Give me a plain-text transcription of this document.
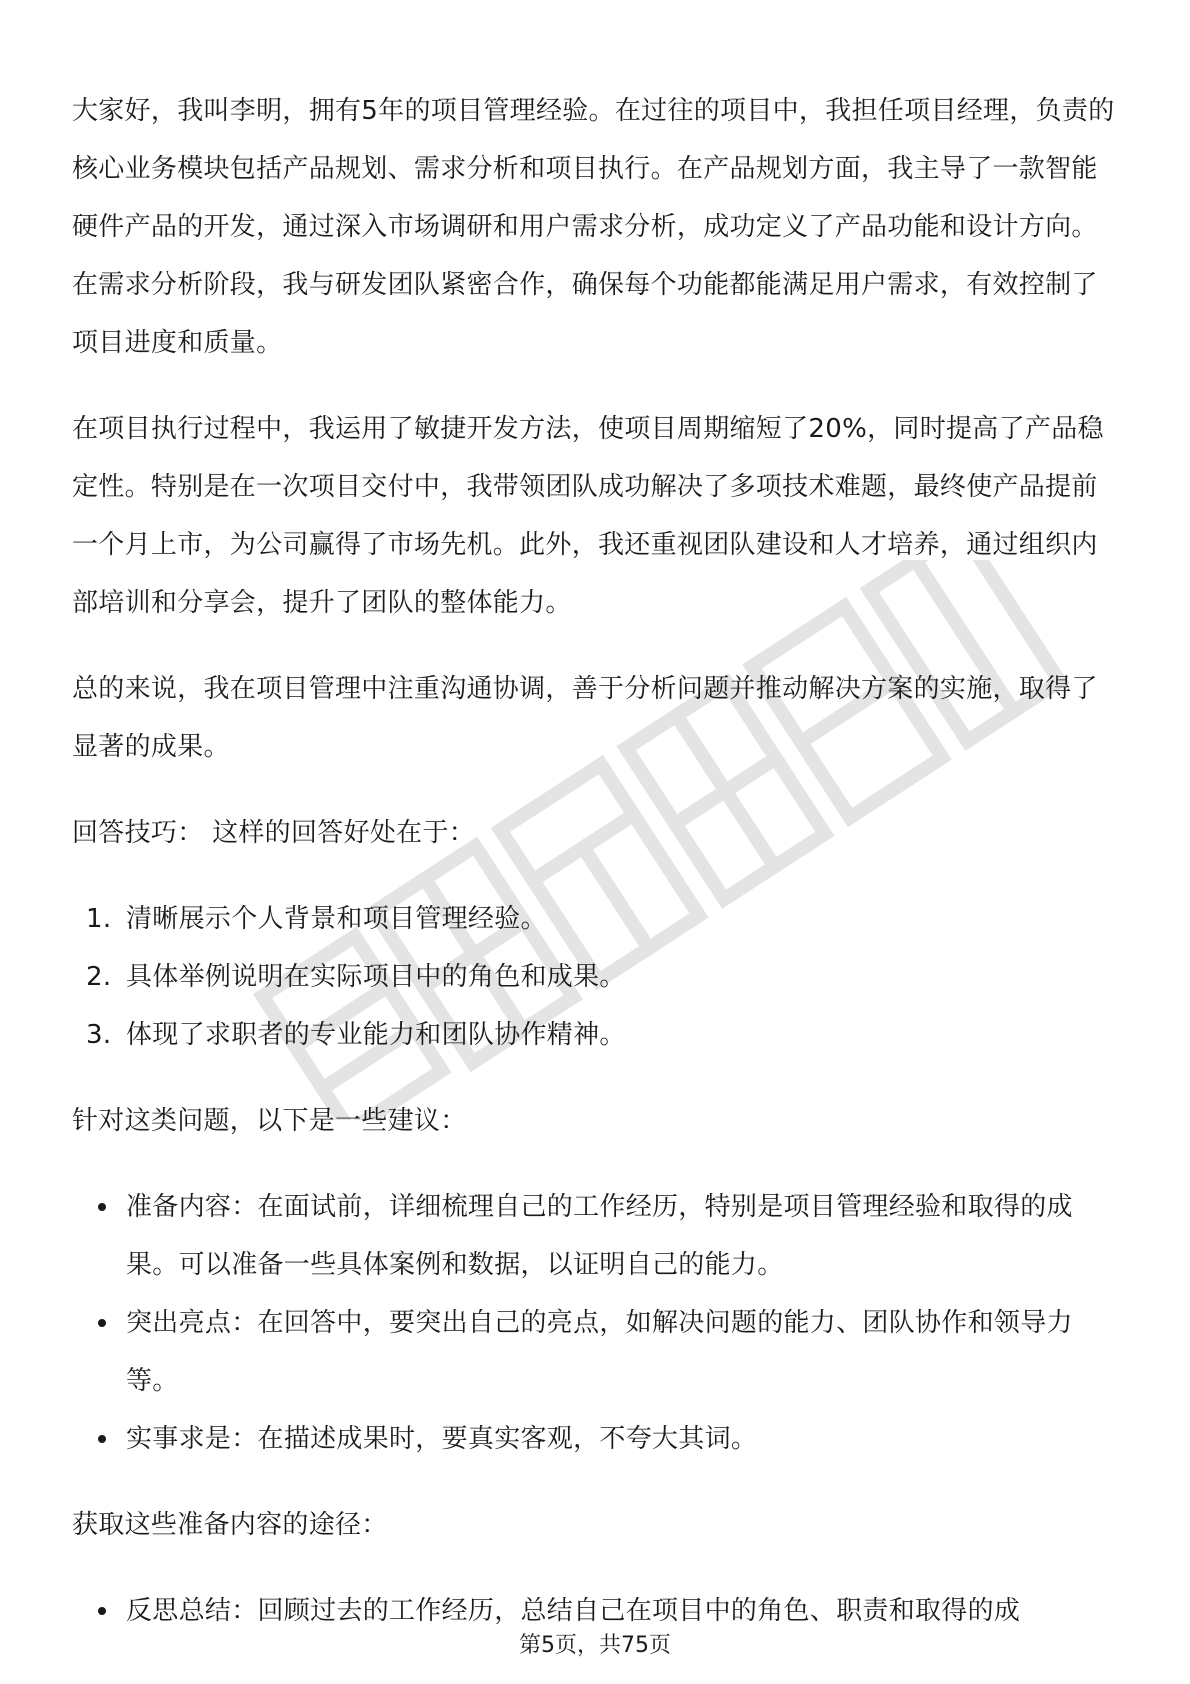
大家好，我叫李明，拥有5年的项目管理经验。在过往的项目中，我担任项目经理，负责的核心业务模块包括产品规划、需求分析和项目执行。在产品规划方面，我主导了一款智能硬件产品的开发，通过深入市场调研和用户需求分析，成功定义了产品功能和设计方向。在需求分析阶段，我与研发团队紧密合作，确保每个功能都能满足用户需求，有效控制了项目进度和质量。

在项目执行过程中，我运用了敏捷开发方法，使项目周期缩短了20%，同时提高了产品稳定性。特别是在一次项目交付中，我带领团队成功解决了多项技术难题，最终使产品提前一个月上市，为公司赢得了市场先机。此外，我还重视团队建设和人才培养，通过组织内部培训和分享会，提升了团队的整体能力。

总的来说，我在项目管理中注重沟通协调，善于分析问题并推动解决方案的实施，取得了显著的成果。

回答技巧： 这样的回答好处在于：

1. 清晰展示个人背景和项目管理经验。
2. 具体举例说明在实际项目中的角色和成果。
3. 体现了求职者的专业能力和团队协作精神。

针对这类问题，以下是一些建议：

准备内容：在面试前，详细梳理自己的工作经历，特别是项目管理经验和取得的成果。可以准备一些具体案例和数据，以证明自己的能力。
突出亮点：在回答中，要突出自己的亮点，如解决问题的能力、团队协作和领导力等。
实事求是：在描述成果时，要真实客观，不夸大其词。

获取这些准备内容的途径：

反思总结：回顾过去的工作经历，总结自己在项目中的角色、职责和取得的成
第5页，共75页
